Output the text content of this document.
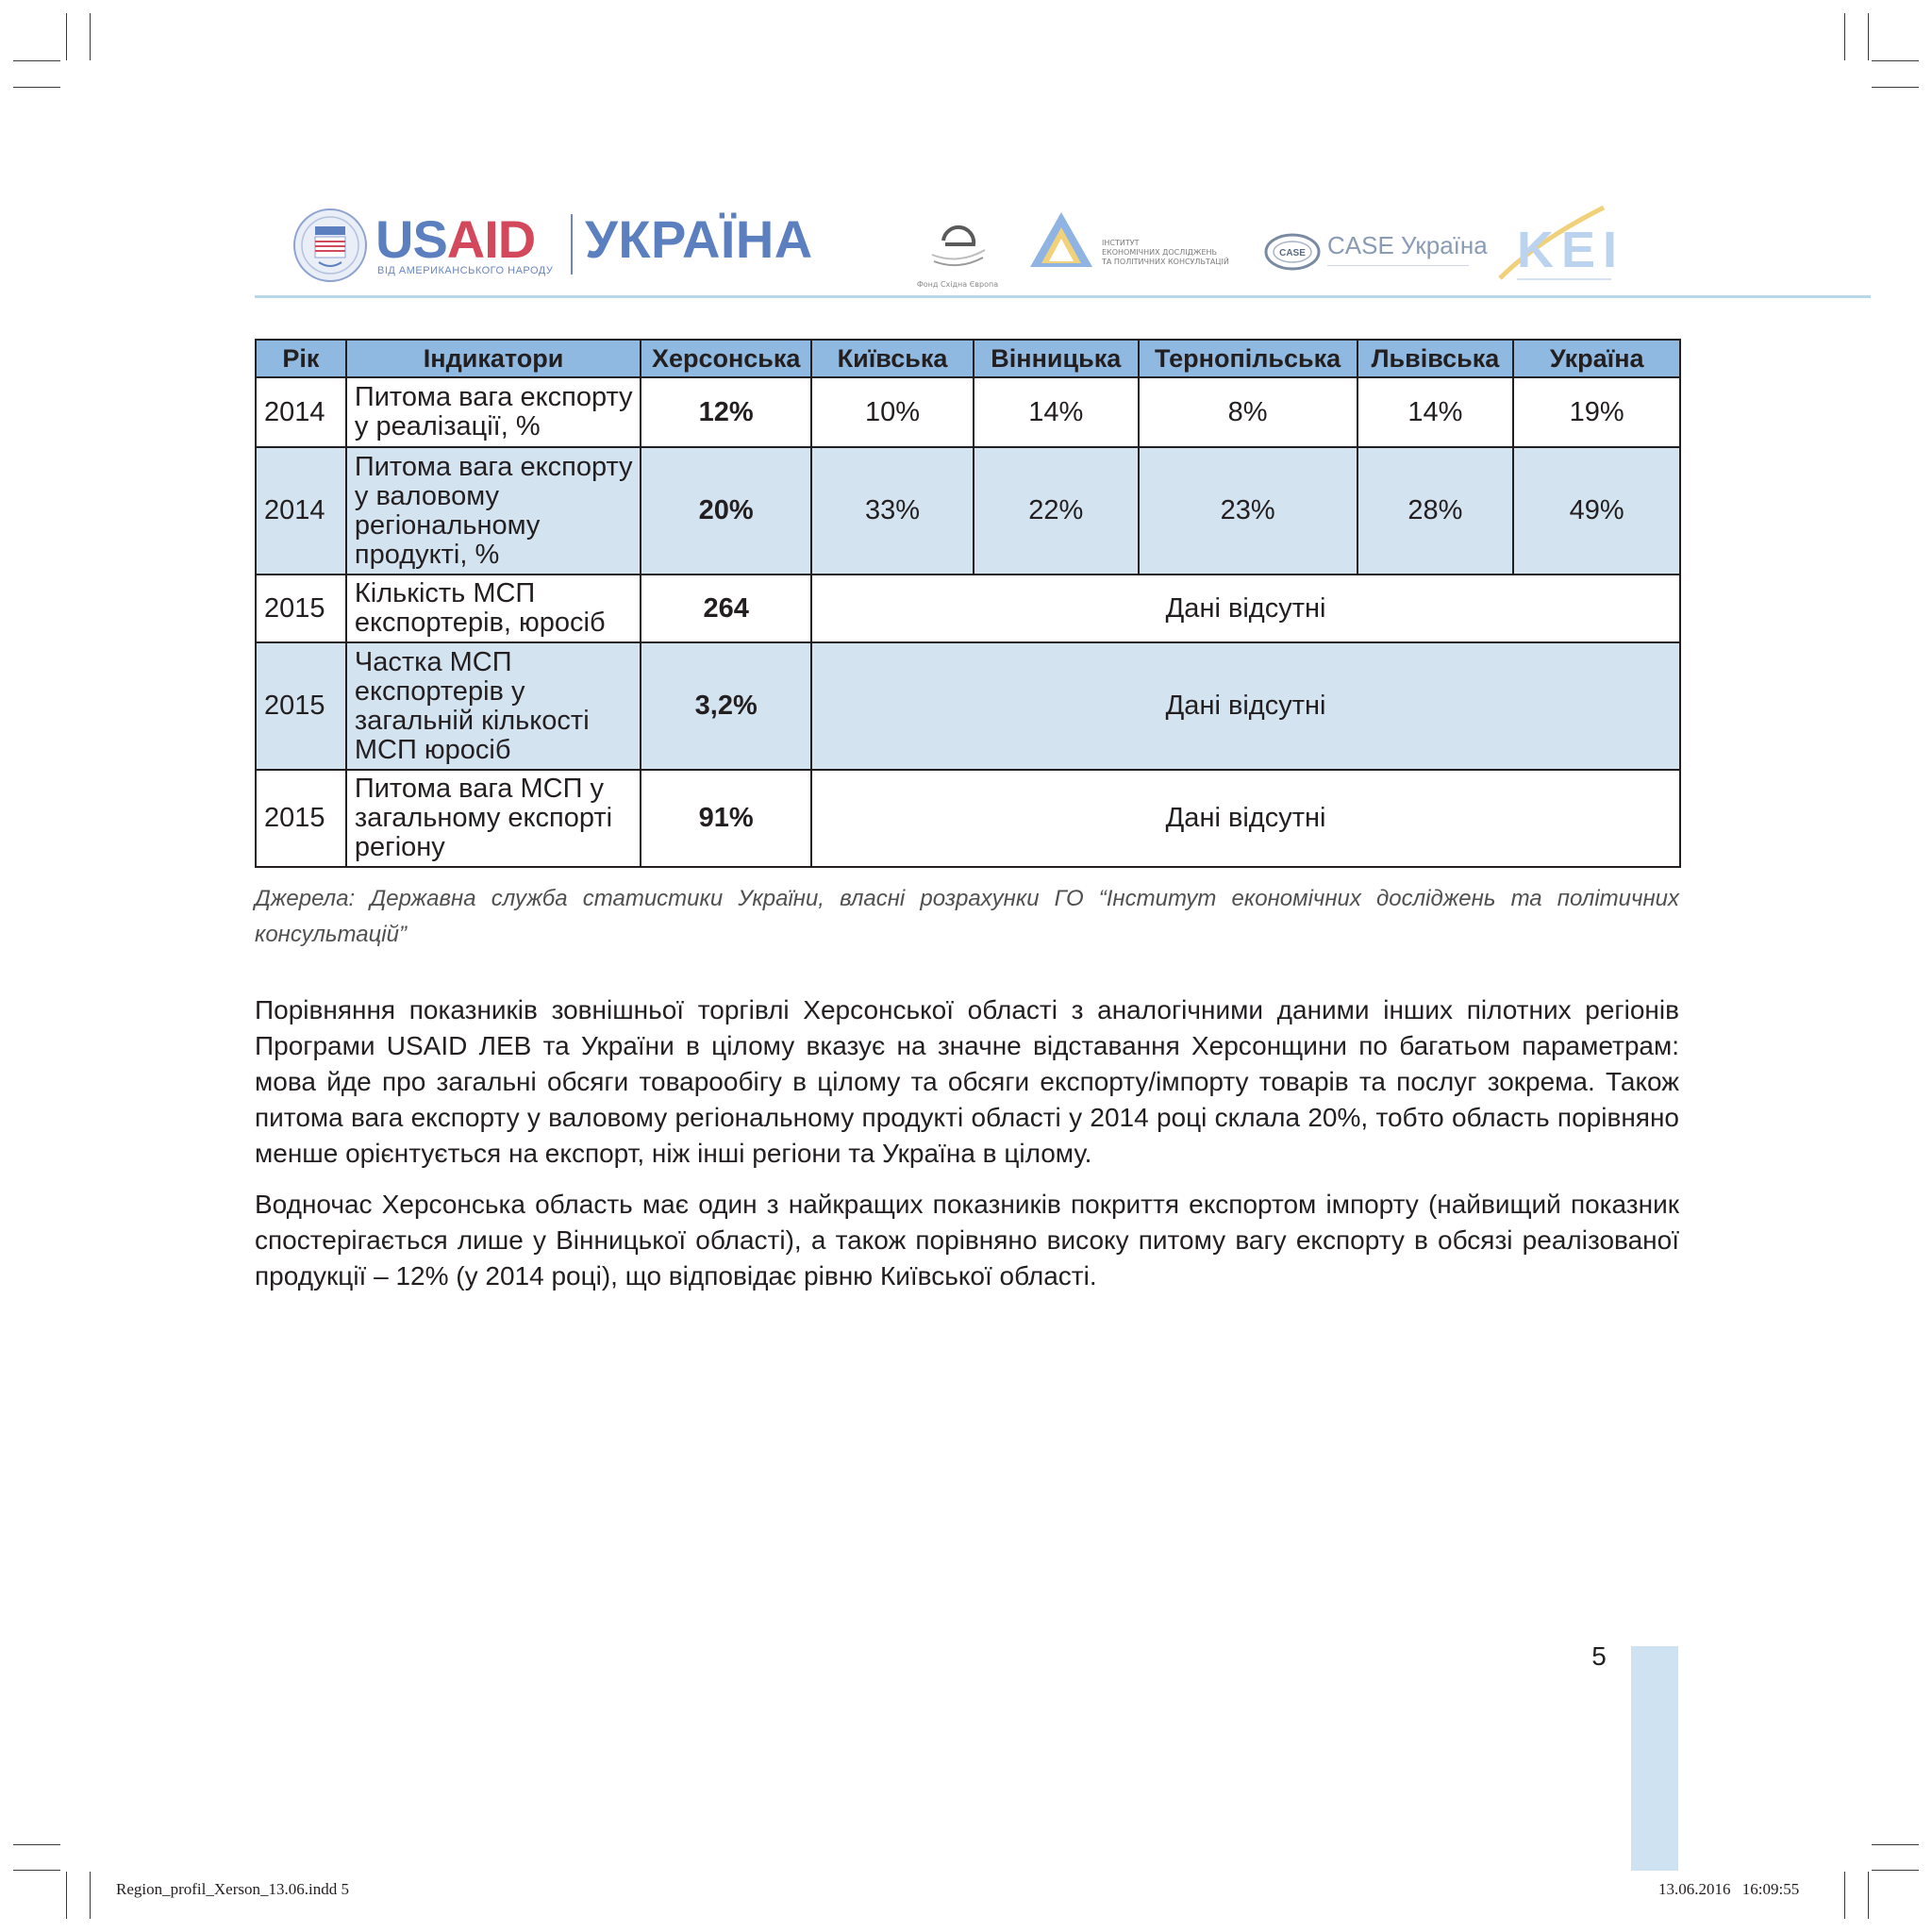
USAID
ВІД АМЕРИКАНСЬКОГО НАРОДУ
УКРАЇНА
Фонд Східна Європа
ІНСТИТУТ
ЕКОНОМІЧНИХ ДОСЛІДЖЕНЬ
ТА ПОЛІТИЧНИХ КОНСУЛЬТАЦІЙ
CASE CASE Україна KEI
Рік	Індикатори	Херсонська	Київська	Вінницька	Тернопільська	Львівська	Україна
2014	Питома вага експорту у реалізації, %	12%	10%	14%	8%	14%	19%
2014	Питома вага експорту у валовому регіональному продукті, %	20%	33%	22%	23%	28%	49%
2015	Кількість МСП експортерів, юросіб	264	Дані відсутні				
2015	Частка МСП експортерів у загальній кількості МСП юросіб	3,2%	Дані відсутні				
2015	Питома вага МСП у загальному експорті регіону	91%	Дані відсутні				
Джерела: Державна служба статистики України, власні розрахунки ГО “Інститут економічних досліджень та політичних консультацій”

Порівняння показників зовнішньої торгівлі Херсонської області з аналогічними даними інших пілотних регіонів Програми USAID ЛЕВ та України в цілому вказує на значне відставання Херсонщини по багатьом параметрам: мова йде про загальні обсяги товарообігу в цілому та обсяги експорту/імпорту товарів та послуг зокрема. Також питома вага експорту у валовому регіональному продукті області у 2014 році склала 20%, тобто область порівняно менше орієнтується на експорт, ніж інші регіони та Україна в цілому.

Водночас Херсонська область має один з найкращих показників покриття експортом імпорту (найвищий показник спостерігається лише у Вінницької області), а також порівняно високу питому вагу експорту в обсязі реалізованої продукції – 12% (у 2014 році), що відповідає рівню Київської області.

5
Region_profil_Xerson_13.06.indd 5	13.06.2016 16:09:55
